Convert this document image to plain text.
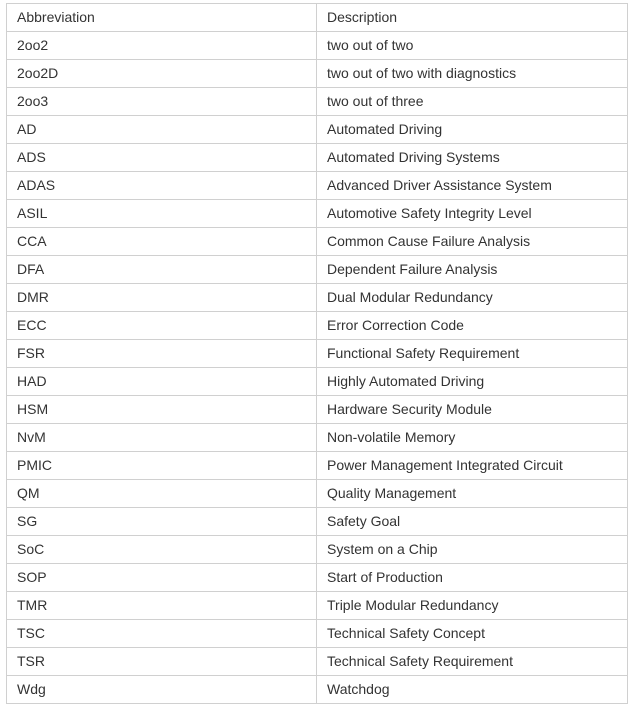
Abbreviation	Description
2oo2	two out of two
2oo2D	two out of two with diagnostics
2oo3	two out of three
AD	Automated Driving
ADS	Automated Driving Systems
ADAS	Advanced Driver Assistance System
ASIL	Automotive Safety Integrity Level
CCA	Common Cause Failure Analysis
DFA	Dependent Failure Analysis
DMR	Dual Modular Redundancy
ECC	Error Correction Code
FSR	Functional Safety Requirement
HAD	Highly Automated Driving
HSM	Hardware Security Module
NvM	Non-volatile Memory
PMIC	Power Management Integrated Circuit
QM	Quality Management
SG	Safety Goal
SoC	System on a Chip
SOP	Start of Production
TMR	Triple Modular Redundancy
TSC	Technical Safety Concept
TSR	Technical Safety Requirement
Wdg	Watchdog
